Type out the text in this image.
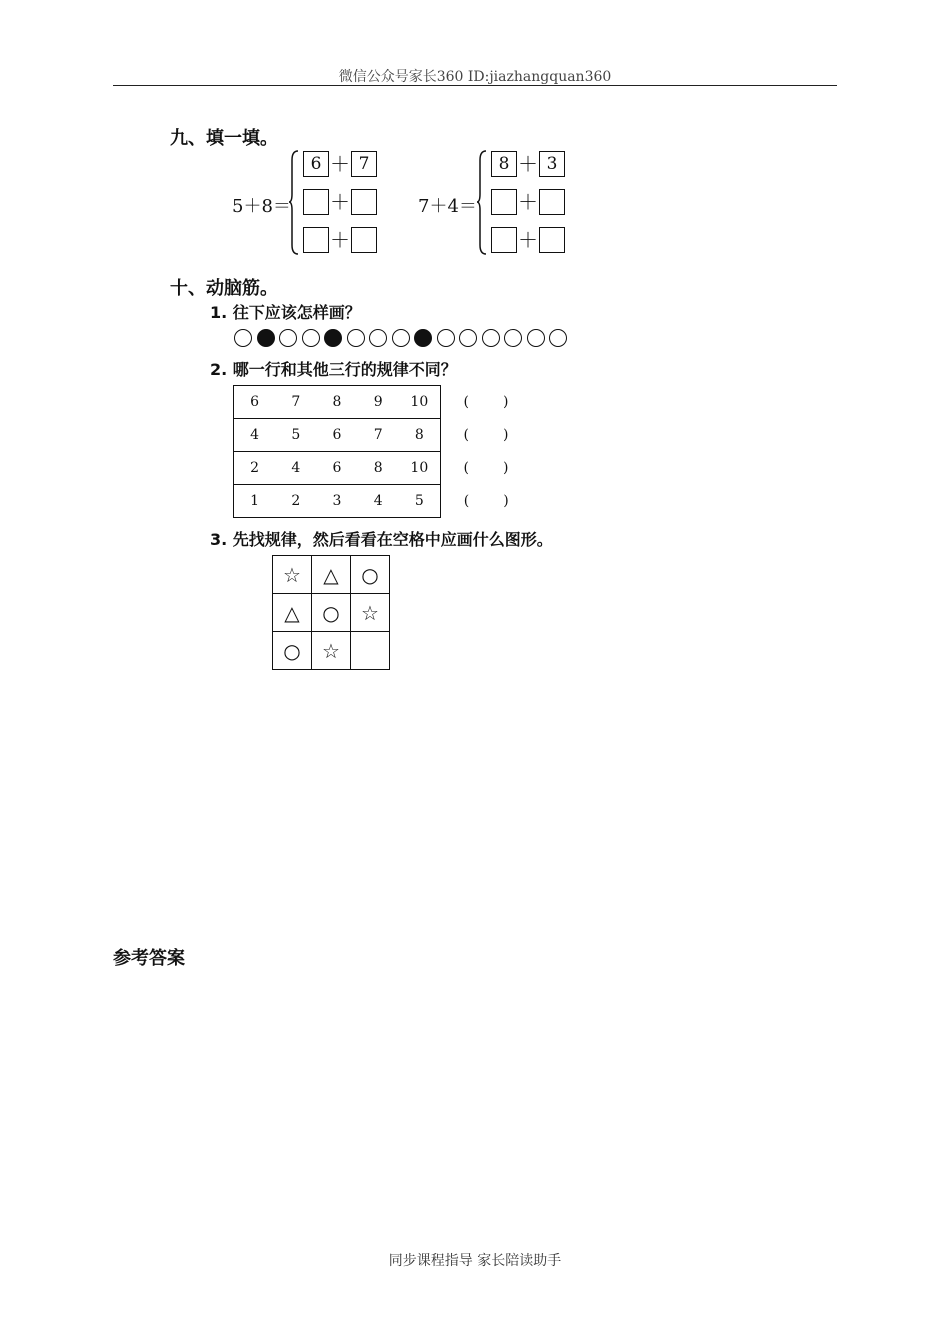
微信公众号家长360 ID:jiazhangquan360
九、填一填。
5＋8＝
6 ＋ 7
＋
＋
7＋4＝
8 ＋ 3
＋
＋
十、动脑筋。
1. 往下应该怎样画？
2. 哪一行和其他三行的规律不同？
6 7 8 9 10	( )

4 5 6 7 8	( )

2 4 6 8 10	( )

1 2 3 4 5	( )
3. 先找规律，然后看看在空格中应画什么图形。
☆	△	○
△	○	☆
○	☆	
参考答案
同步课程指导 家长陪读助手
